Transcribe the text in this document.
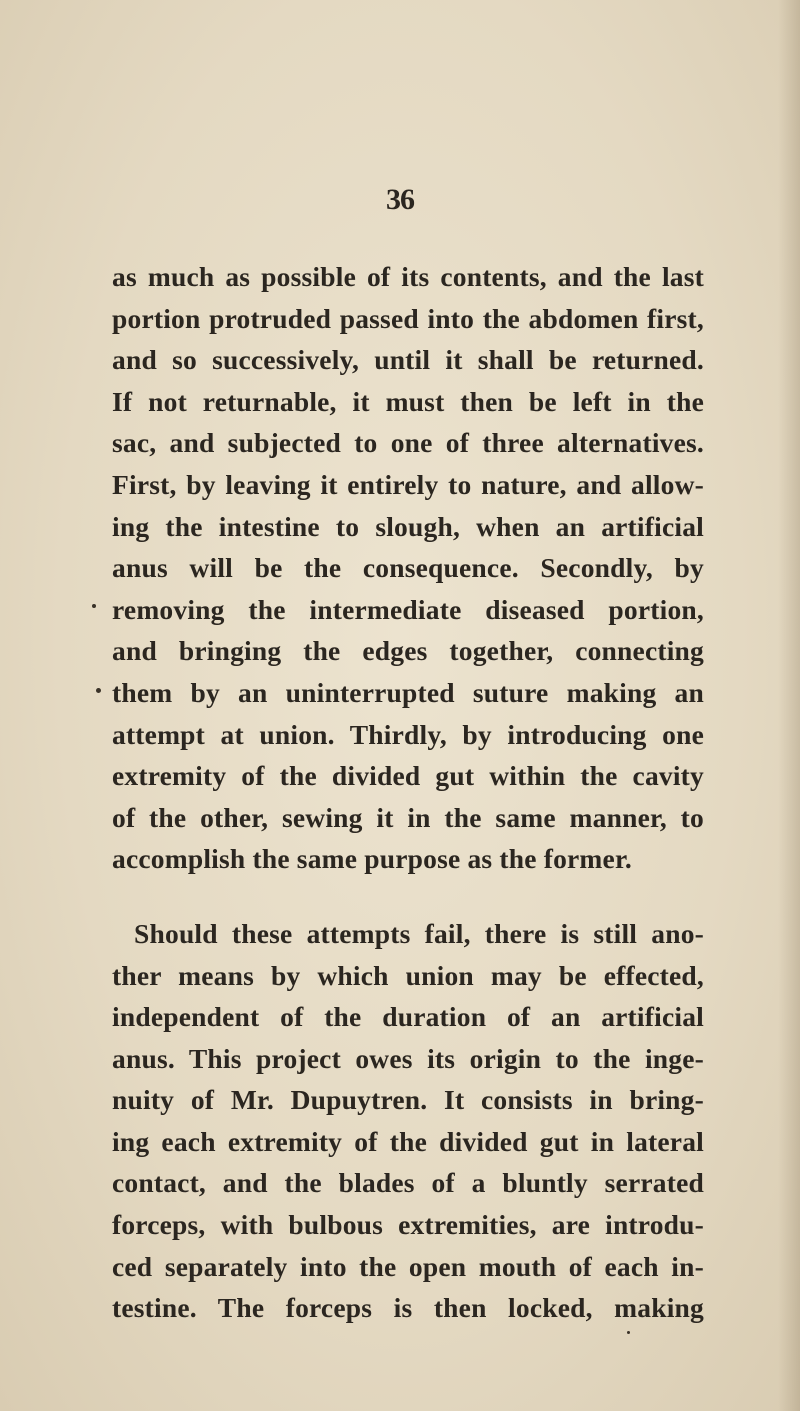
36
as much as possible of its contents, and the last
portion protruded passed into the abdomen first,
and so successively, until it shall be returned.
If not returnable, it must then be left in the
sac, and subjected to one of three alternatives.
First, by leaving it entirely to nature, and allow-
ing the intestine to slough, when an artificial
anus will be the consequence. Secondly, by
removing the intermediate diseased portion,
and bringing the edges together, connecting
them by an uninterrupted suture making an
attempt at union. Thirdly, by introducing one
extremity of the divided gut within the cavity
of the other, sewing it in the same manner, to
accomplish the same purpose as the former.
Should these attempts fail, there is still ano-
ther means by which union may be effected,
independent of the duration of an artificial
anus. This project owes its origin to the inge-
nuity of Mr. Dupuytren. It consists in bring-
ing each extremity of the divided gut in lateral
contact, and the blades of a bluntly serrated
forceps, with bulbous extremities, are introdu-
ced separately into the open mouth of each in-
testine. The forceps is then locked, making
